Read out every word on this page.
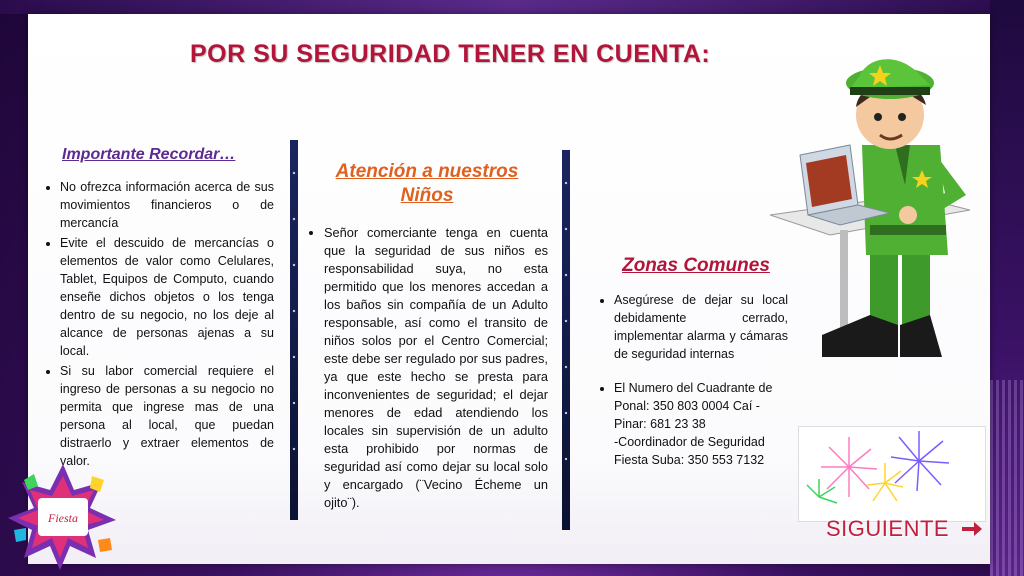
POR SU SEGURIDAD TENER EN CUENTA:
Importante Recordar…
• No ofrezca información acerca de sus movimientos financieros o de mercancía
• Evite el descuido de mercancías o elementos de valor como Celulares, Tablet, Equipos de Computo, cuando enseñe dichos objetos o los tenga dentro de su negocio, no los deje al alcance de personas ajenas a su local.
• Si su labor comercial requiere el ingreso de personas a su negocio no permita que ingrese mas de una persona al local, que puedan distraerlo y extraer elementos de valor.
Atención a nuestros
Niños
• Señor comerciante tenga en cuenta que la seguridad de sus niños es responsabilidad suya, no esta permitido que los menores accedan a los baños sin compañía de un Adulto responsable, así como el transito de niños solos por el Centro Comercial; este debe ser regulado por sus padres, ya que este hecho se presta para inconvenientes de seguridad; el dejar menores de edad atendiendo los locales sin supervisión de un adulto esta prohibido por normas de seguridad así como dejar su local solo y encargado (¨Vecino Écheme un ojito¨).
Zonas Comunes
• Asegúrese de dejar su local debidamente cerrado, implementar alarma y cámaras de seguridad internas
• El Numero del Cuadrante de Ponal: 350 803 0004 Caí - Pinar: 681 23 38
-Coordinador de Seguridad Fiesta Suba: 350 553 7132
SIGUIENTE
Fiesta
